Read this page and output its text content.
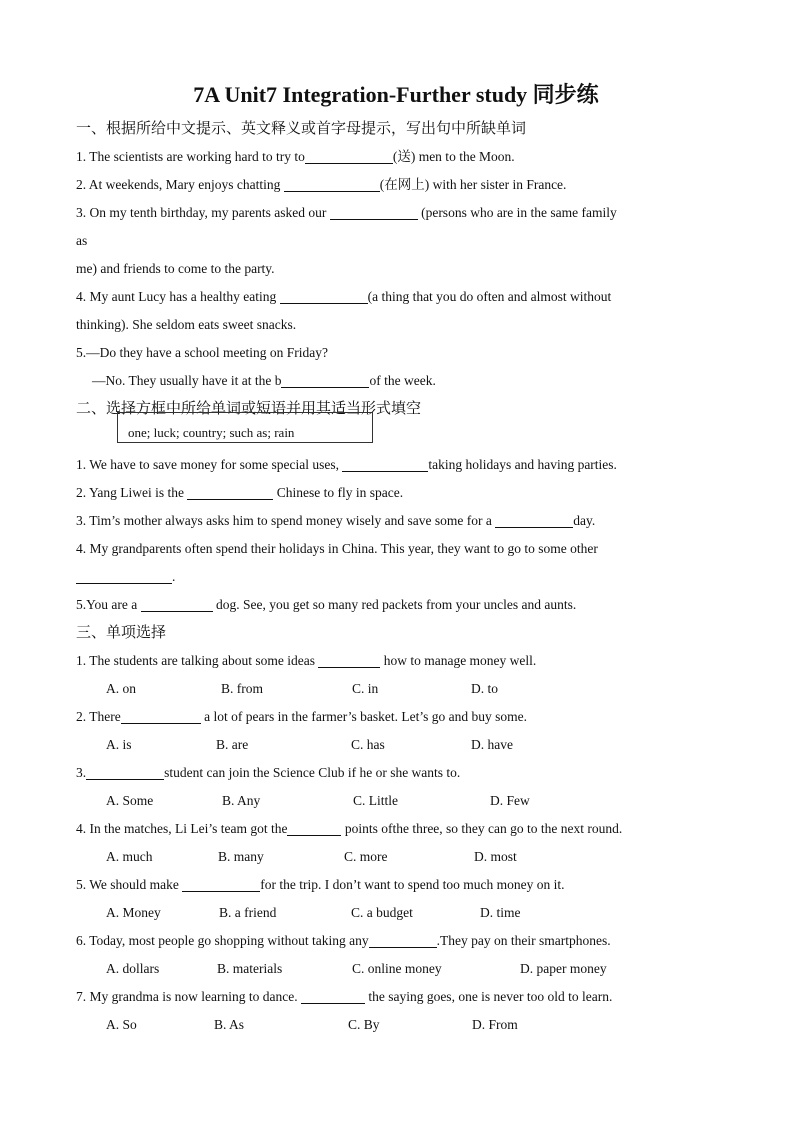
7A Unit7 Integration-Further study 同步练
一、根据所给中文提示、英文释义或首字母提示，写出句中所缺单词
1. The scientists are working hard to try to	(送) men to the Moon.
2. At weekends, Mary enjoys chatting	(在网上) with her sister in France.
3. On my tenth birthday, my parents asked our	(persons who are in the same family
as
me) and friends to come to the party.
4. My aunt Lucy has a healthy eating	(a thing that you do often and almost without
thinking). She seldom eats sweet snacks.
5.—Do they have a school meeting on Friday?
—No. They usually have it at the b	of the week.
二、选择方框中所给单词或短语并用其适当形式填空
1. We have to save money for some special uses,	taking holidays and having parties.
2. Yang Liwei is the	Chinese to fly in space.
3. Tim’s mother always asks him to spend money wisely and save some for a	day.
4. My grandparents often spend their holidays in China. This year, they want to go to some other
.
5.You are a	dog. See, you get so many red packets from your uncles and aunts.
三、单项选择
1. The students are talking about some ideas	how to manage money well.
A. on	B. from	C. in	D. to
2. There	a lot of pears in the farmer’s basket. Let’s go and buy some.
A. is	B. are	C. has	D. have
3.	student can join the Science Club if he or she wants to.
A. Some	B. Any	C. Little	D. Few
4. In the matches, Li Lei’s team got the	points ofthe three, so they can go to the next round.
A. much	B. many	C. more	D. most
5. We should make	for the trip. I don’t want to spend too much money on it.
A. Money	B. a friend	C. a budget	D. time
6. Today, most people go shopping without taking any	.They pay on their smartphones.
A. dollars	B. materials	C. online money	D. paper money
7. My grandma is now learning to dance.	the saying goes, one is never too old to learn.
A. So	B. As	C. By	D. From
one; luck; country; such as; rain
